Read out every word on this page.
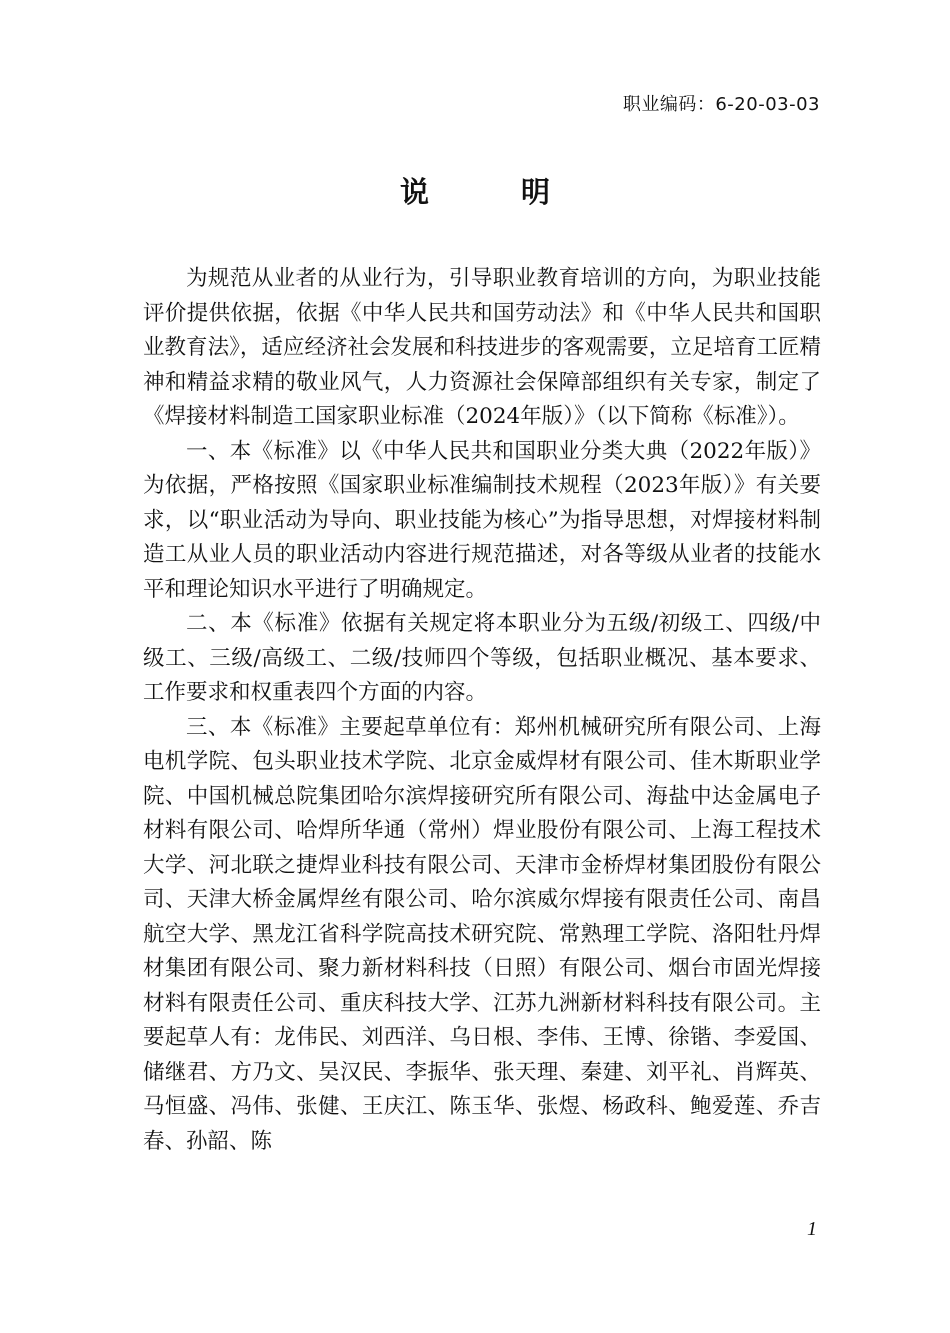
职业编码：6-20-03-03
说明

为规范从业者的从业行为，引导职业教育培训的方向，为职业技能评价提供依据，依据《中华人民共和国劳动法》和《中华人民共和国职业教育法》，适应经济社会发展和科技进步的客观需要，立足培育工匠精神和精益求精的敬业风气，人力资源社会保障部组织有关专家，制定了《焊接材料制造工国家职业标准（2024年版）》（以下简称《标准》）。

一、本《标准》以《中华人民共和国职业分类大典（2022年版）》为依据，严格按照《国家职业标准编制技术规程（2023年版）》有关要求，以“职业活动为导向、职业技能为核心”为指导思想，对焊接材料制造工从业人员的职业活动内容进行规范描述，对各等级从业者的技能水平和理论知识水平进行了明确规定。

二、本《标准》依据有关规定将本职业分为五级/初级工、四级/中级工、三级/高级工、二级/技师四个等级，包括职业概况、基本要求、工作要求和权重表四个方面的内容。

三、本《标准》主要起草单位有：郑州机械研究所有限公司、上海电机学院、包头职业技术学院、北京金威焊材有限公司、佳木斯职业学院、中国机械总院集团哈尔滨焊接研究所有限公司、海盐中达金属电子材料有限公司、哈焊所华通（常州）焊业股份有限公司、上海工程技术大学、河北联之捷焊业科技有限公司、天津市金桥焊材集团股份有限公司、天津大桥金属焊丝有限公司、哈尔滨威尔焊接有限责任公司、南昌航空大学、黑龙江省科学院高技术研究院、常熟理工学院、洛阳牡丹焊材集团有限公司、聚力新材料科技（日照）有限公司、烟台市固光焊接材料有限责任公司、重庆科技大学、江苏九洲新材料科技有限公司。主要起草人有：龙伟民、刘西洋、乌日根、李伟、王博、徐锴、李爱国、储继君、方乃文、吴汉民、李振华、张天理、秦建、刘平礼、肖辉英、马恒盛、冯伟、张健、王庆江、陈玉华、张煜、杨政科、鲍爱莲、乔吉春、孙韶、陈

1
